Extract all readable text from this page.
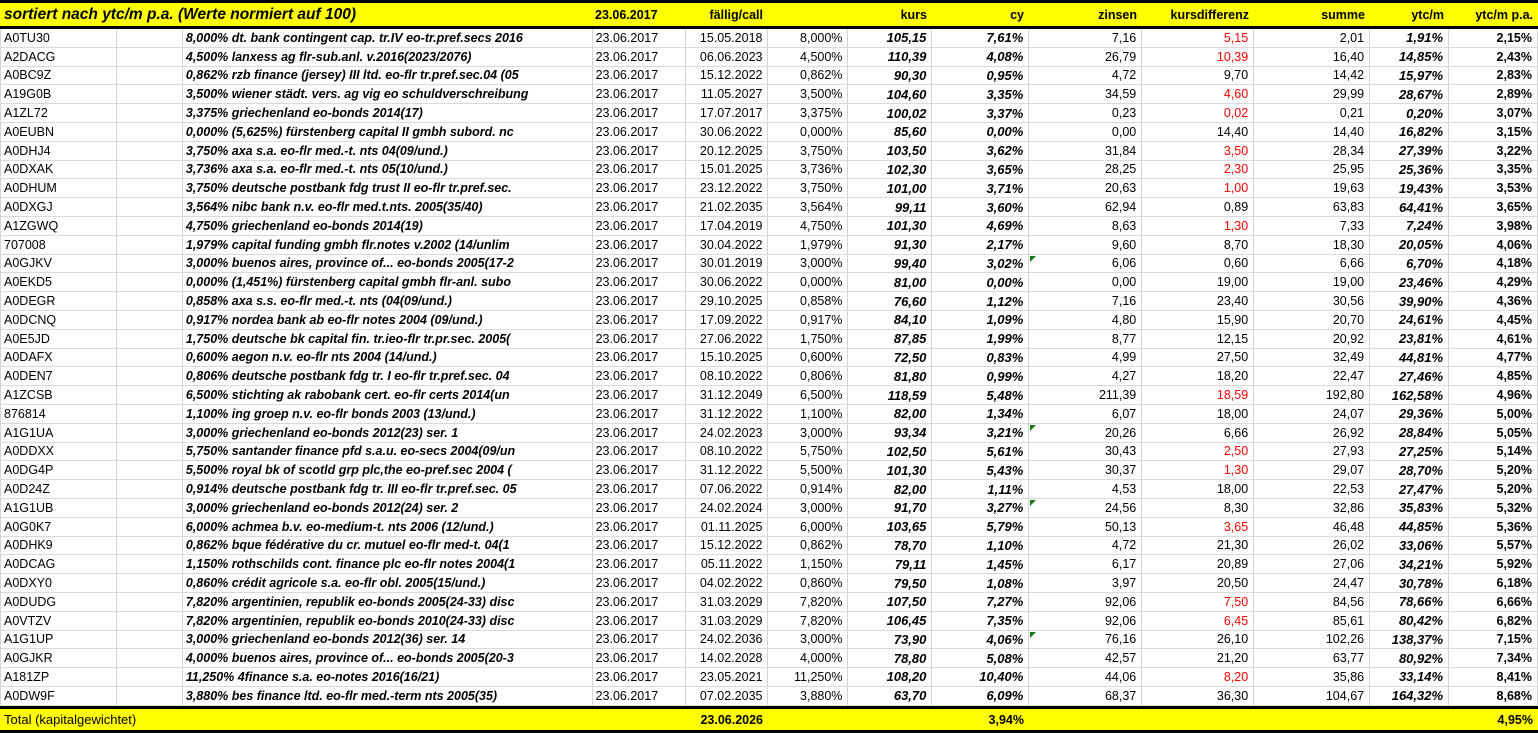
sortiert nach ytc/m p.a. (Werte normiert auf 100)	23.06.2017	fällig/call	kurs	cy	zinsen	kursdifferenz	summe	ytc/m	ytc/m p.a.
A0TU30	8,000% dt. bank contingent cap. tr.IV eo-tr.pref.secs 2016	23.06.2017	15.05.2018	8,000%	105,15	7,61%	7,16	5,15	2,01	1,91%	2,15%
A2DACG	4,500% lanxess ag flr-sub.anl. v.2016(2023/2076)	23.06.2017	06.06.2023	4,500%	110,39	4,08%	26,79	10,39	16,40	14,85%	2,43%
A0BC9Z	0,862% rzb finance (jersey) III ltd. eo-flr tr.pref.sec.04 (05	23.06.2017	15.12.2022	0,862%	90,30	0,95%	4,72	9,70	14,42	15,97%	2,83%
A19G0B	3,500% wiener städt. vers. ag vig eo schuldverschreibung	23.06.2017	11.05.2027	3,500%	104,60	3,35%	34,59	4,60	29,99	28,67%	2,89%
A1ZL72	3,375% griechenland eo-bonds 2014(17)	23.06.2017	17.07.2017	3,375%	100,02	3,37%	0,23	0,02	0,21	0,20%	3,07%
A0EUBN	0,000% (5,625%) fürstenberg capital II gmbh subord. nc	23.06.2017	30.06.2022	0,000%	85,60	0,00%	0,00	14,40	14,40	16,82%	3,15%
A0DHJ4	3,750% axa s.a. eo-flr med.-t. nts 04(09/und.)	23.06.2017	20.12.2025	3,750%	103,50	3,62%	31,84	3,50	28,34	27,39%	3,22%
A0DXAK	3,736% axa s.a. eo-flr med.-t. nts 05(10/und.)	23.06.2017	15.01.2025	3,736%	102,30	3,65%	28,25	2,30	25,95	25,36%	3,35%
A0DHUM	3,750% deutsche postbank fdg trust II eo-flr tr.pref.sec.	23.06.2017	23.12.2022	3,750%	101,00	3,71%	20,63	1,00	19,63	19,43%	3,53%
A0DXGJ	3,564% nibc bank n.v. eo-flr med.t.nts. 2005(35/40)	23.06.2017	21.02.2035	3,564%	99,11	3,60%	62,94	0,89	63,83	64,41%	3,65%
A1ZGWQ	4,750% griechenland eo-bonds 2014(19)	23.06.2017	17.04.2019	4,750%	101,30	4,69%	8,63	1,30	7,33	7,24%	3,98%
707008	1,979% capital funding gmbh flr.notes v.2002 (14/unlim	23.06.2017	30.04.2022	1,979%	91,30	2,17%	9,60	8,70	18,30	20,05%	4,06%
A0GJKV	3,000% buenos aires, province of... eo-bonds 2005(17-2	23.06.2017	30.01.2019	3,000%	99,40	3,02%	6,06	0,60	6,66	6,70%	4,18%
A0EKD5	0,000% (1,451%) fürstenberg capital gmbh flr-anl. subo	23.06.2017	30.06.2022	0,000%	81,00	0,00%	0,00	19,00	19,00	23,46%	4,29%
A0DEGR	0,858% axa s.s. eo-flr med.-t. nts (04(09/und.)	23.06.2017	29.10.2025	0,858%	76,60	1,12%	7,16	23,40	30,56	39,90%	4,36%
A0DCNQ	0,917% nordea bank ab eo-flr notes 2004 (09/und.)	23.06.2017	17.09.2022	0,917%	84,10	1,09%	4,80	15,90	20,70	24,61%	4,45%
A0E5JD	1,750% deutsche bk capital fin. tr.ieo-flr tr.pr.sec. 2005(	23.06.2017	27.06.2022	1,750%	87,85	1,99%	8,77	12,15	20,92	23,81%	4,61%
A0DAFX	0,600% aegon n.v. eo-flr nts 2004 (14/und.)	23.06.2017	15.10.2025	0,600%	72,50	0,83%	4,99	27,50	32,49	44,81%	4,77%
A0DEN7	0,806% deutsche postbank fdg tr. I eo-flr tr.pref.sec. 04	23.06.2017	08.10.2022	0,806%	81,80	0,99%	4,27	18,20	22,47	27,46%	4,85%
A1ZCSB	6,500% stichting ak rabobank cert. eo-flr certs 2014(un	23.06.2017	31.12.2049	6,500%	118,59	5,48%	211,39	18,59	192,80	162,58%	4,96%
876814	1,100% ing groep n.v. eo-flr bonds 2003 (13/und.)	23.06.2017	31.12.2022	1,100%	82,00	1,34%	6,07	18,00	24,07	29,36%	5,00%
A1G1UA	3,000% griechenland eo-bonds 2012(23) ser. 1	23.06.2017	24.02.2023	3,000%	93,34	3,21%	20,26	6,66	26,92	28,84%	5,05%
A0DDXX	5,750% santander finance pfd s.a.u. eo-secs 2004(09/un	23.06.2017	08.10.2022	5,750%	102,50	5,61%	30,43	2,50	27,93	27,25%	5,14%
A0DG4P	5,500% royal bk of scotld grp plc,the eo-pref.sec 2004 (	23.06.2017	31.12.2022	5,500%	101,30	5,43%	30,37	1,30	29,07	28,70%	5,20%
A0D24Z	0,914% deutsche postbank fdg tr. III eo-flr tr.pref.sec. 05	23.06.2017	07.06.2022	0,914%	82,00	1,11%	4,53	18,00	22,53	27,47%	5,20%
A1G1UB	3,000% griechenland eo-bonds 2012(24) ser. 2	23.06.2017	24.02.2024	3,000%	91,70	3,27%	24,56	8,30	32,86	35,83%	5,32%
A0G0K7	6,000% achmea b.v. eo-medium-t. nts 2006 (12/und.)	23.06.2017	01.11.2025	6,000%	103,65	5,79%	50,13	3,65	46,48	44,85%	5,36%
A0DHK9	0,862% bque fédérative du cr. mutuel eo-flr med-t. 04(1	23.06.2017	15.12.2022	0,862%	78,70	1,10%	4,72	21,30	26,02	33,06%	5,57%
A0DCAG	1,150% rothschilds cont. finance plc eo-flr notes 2004(1	23.06.2017	05.11.2022	1,150%	79,11	1,45%	6,17	20,89	27,06	34,21%	5,92%
A0DXY0	0,860% crédit agricole s.a. eo-flr obl. 2005(15/und.)	23.06.2017	04.02.2022	0,860%	79,50	1,08%	3,97	20,50	24,47	30,78%	6,18%
A0DUDG	7,820% argentinien, republik eo-bonds 2005(24-33) disc	23.06.2017	31.03.2029	7,820%	107,50	7,27%	92,06	7,50	84,56	78,66%	6,66%
A0VTZV	7,820% argentinien, republik eo-bonds 2010(24-33) disc	23.06.2017	31.03.2029	7,820%	106,45	7,35%	92,06	6,45	85,61	80,42%	6,82%
A1G1UP	3,000% griechenland eo-bonds 2012(36) ser. 14	23.06.2017	24.02.2036	3,000%	73,90	4,06%	76,16	26,10	102,26	138,37%	7,15%
A0GJKR	4,000% buenos aires, province of... eo-bonds 2005(20-3	23.06.2017	14.02.2028	4,000%	78,80	5,08%	42,57	21,20	63,77	80,92%	7,34%
A181ZP	11,250% 4finance s.a. eo-notes 2016(16/21)	23.06.2017	23.05.2021	11,250%	108,20	10,40%	44,06	8,20	35,86	33,14%	8,41%
A0DW9F	3,880% bes finance ltd. eo-flr med.-term nts 2005(35)	23.06.2017	07.02.2035	3,880%	63,70	6,09%	68,37	36,30	104,67	164,32%	8,68%
Total (kapitalgewichtet)	23.06.2026	3,94%	4,95%
